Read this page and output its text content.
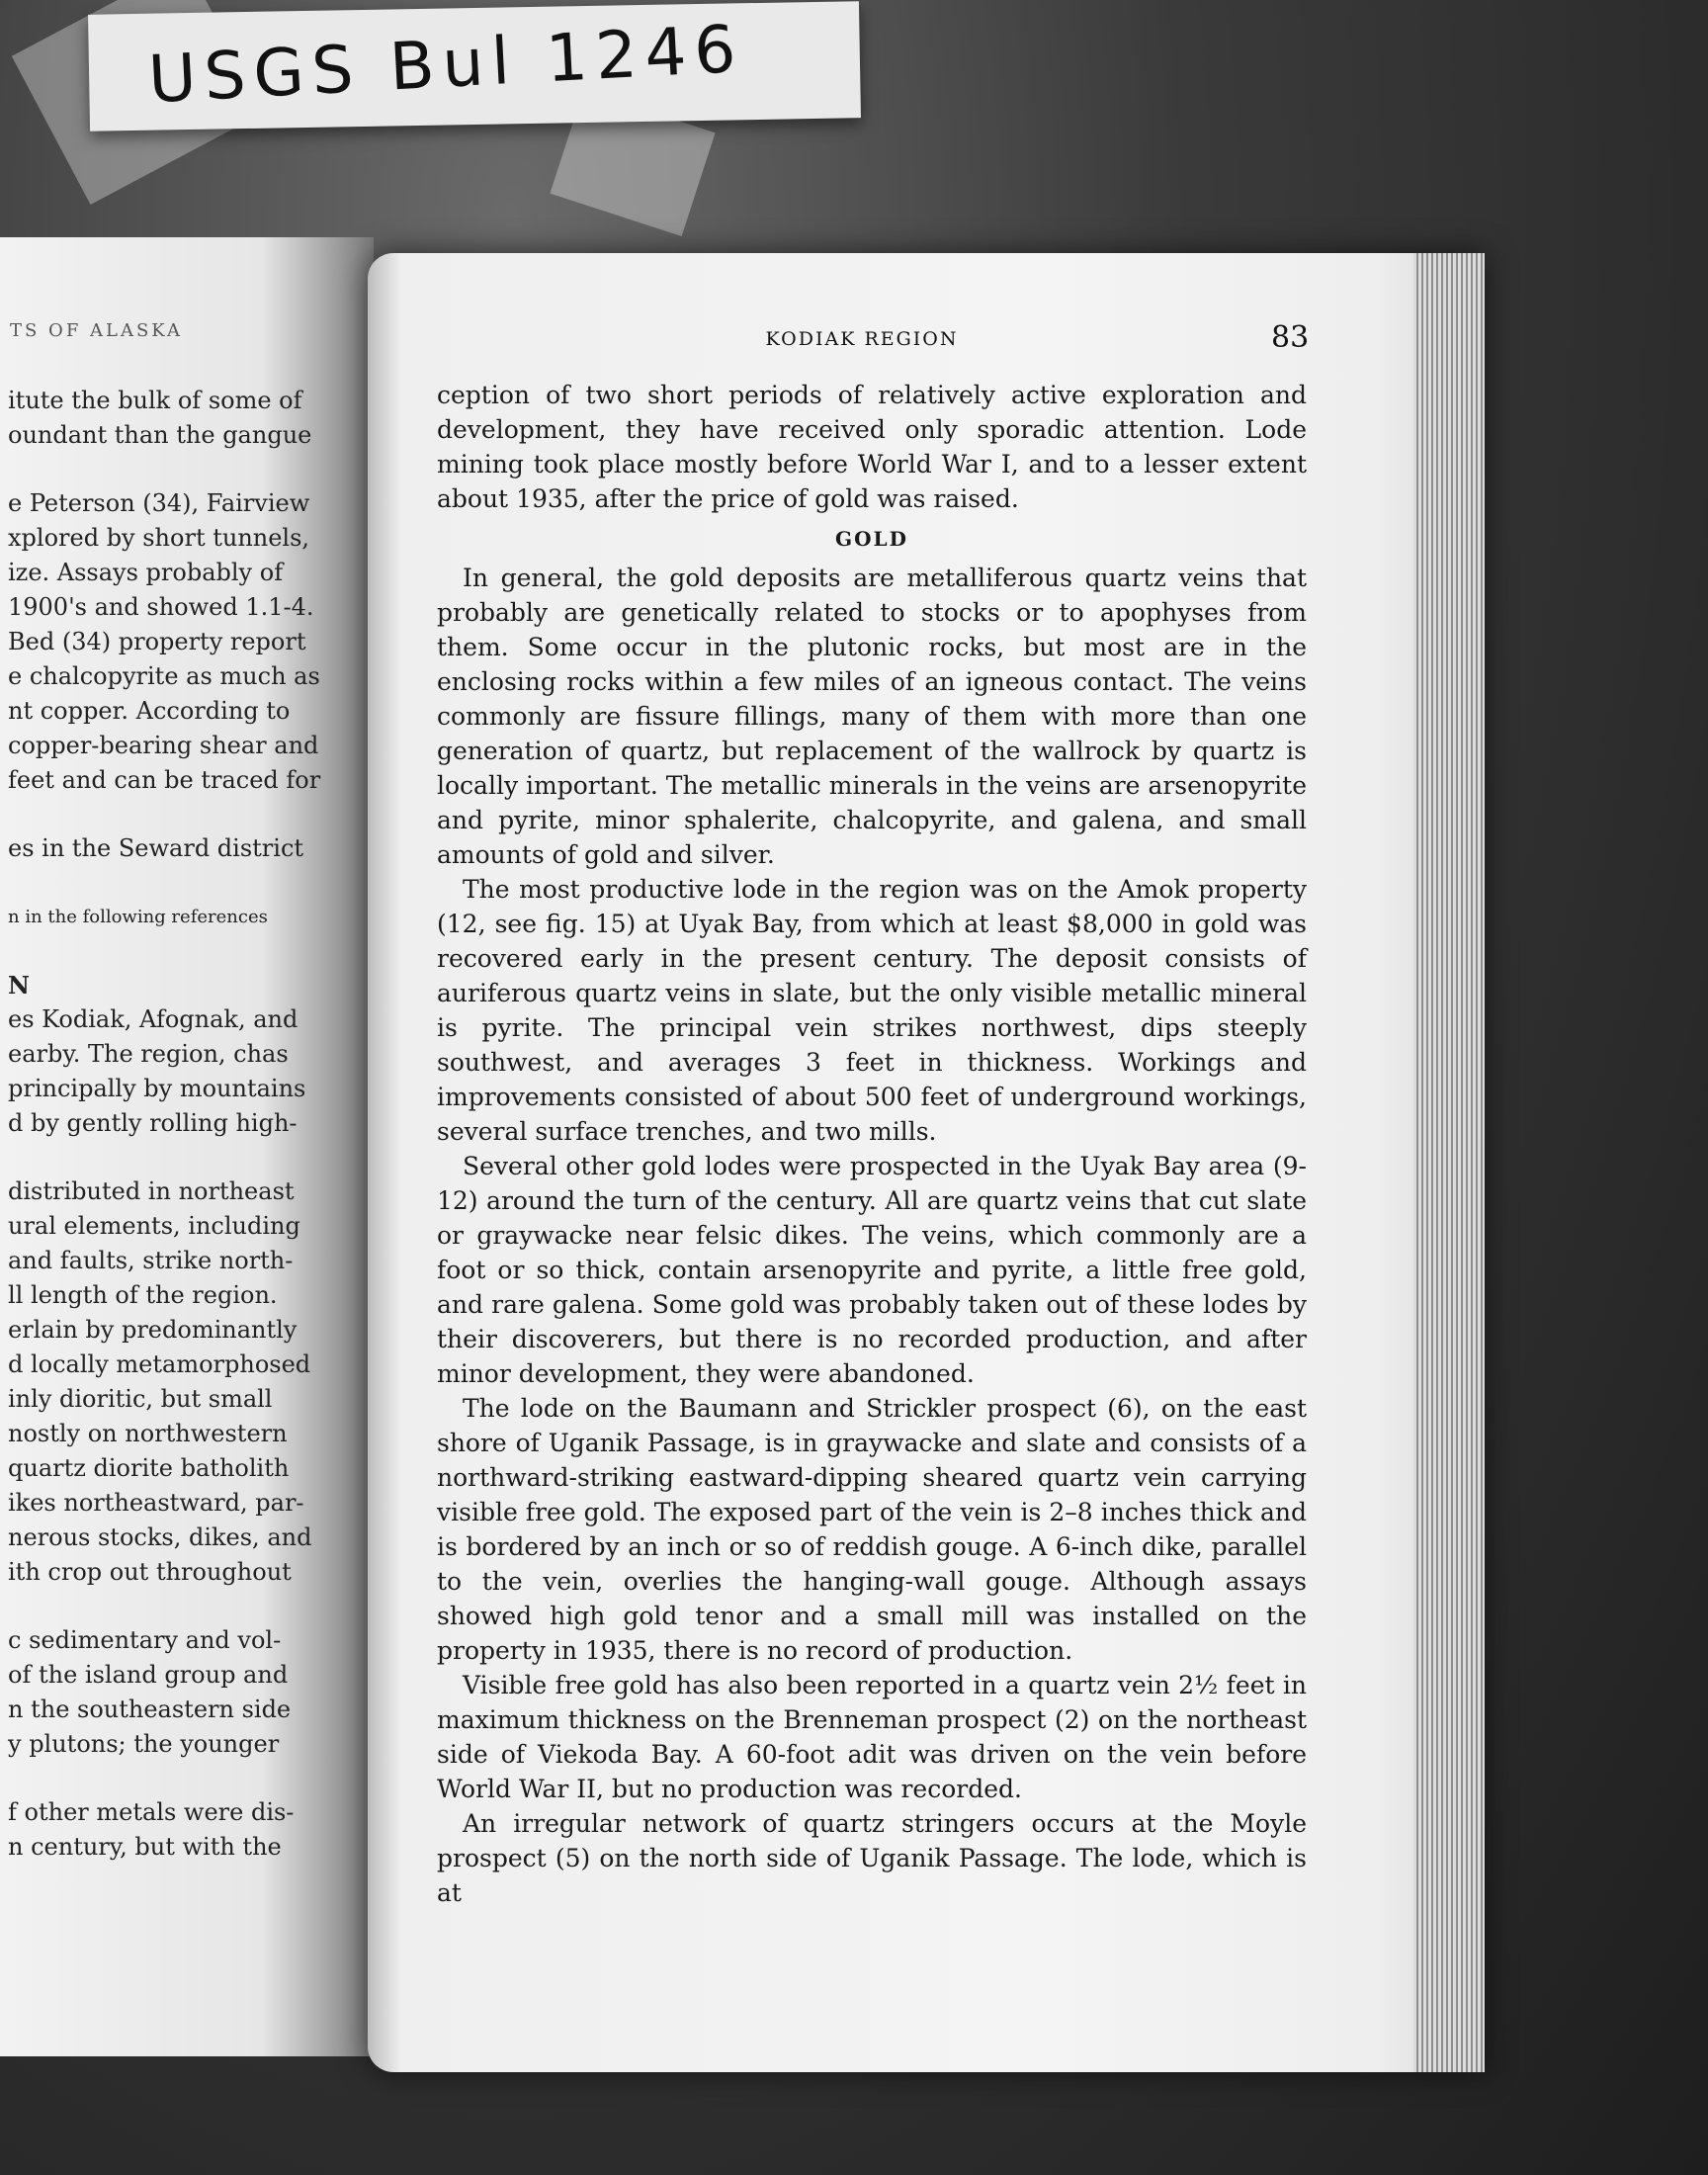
USGS Bul 1246
TS OF ALASKA
itute the bulk of some of
oundant than the gangue
e Peterson (34), Fairview
xplored by short tunnels,
ize. Assays probably of
1900's and showed 1.1-4.
Bed (34) property report
e chalcopyrite as much as
nt copper. According to
copper-bearing shear and
feet and can be traced for
es in the Seward district
n in the following references
N
es Kodiak, Afognak, and
earby. The region, chas
principally by mountains
d by gently rolling high-
distributed in northeast
ural elements, including
and faults, strike north-
ll length of the region.
erlain by predominantly
d locally metamorphosed
inly dioritic, but small
nostly on northwestern
quartz diorite batholith
ikes northeastward, par-
nerous stocks, dikes, and
ith crop out throughout
c sedimentary and vol-
of the island group and
n the southeastern side
y plutons; the younger
f other metals were dis-
n century, but with the
KODIAK REGION	83

ception of two short periods of relatively active exploration and development, they have received only sporadic attention. Lode mining took place mostly before World War I, and to a lesser extent about 1935, after the price of gold was raised.

GOLD

In general, the gold deposits are metalliferous quartz veins that probably are genetically related to stocks or to apophyses from them. Some occur in the plutonic rocks, but most are in the enclosing rocks within a few miles of an igneous contact. The veins commonly are fissure fillings, many of them with more than one generation of quartz, but replacement of the wallrock by quartz is locally important. The metallic minerals in the veins are arsenopyrite and pyrite, minor sphalerite, chalcopyrite, and galena, and small amounts of gold and silver.

The most productive lode in the region was on the Amok property (12, see fig. 15) at Uyak Bay, from which at least $8,000 in gold was recovered early in the present century. The deposit consists of auriferous quartz veins in slate, but the only visible metallic mineral is pyrite. The principal vein strikes northwest, dips steeply southwest, and averages 3 feet in thickness. Workings and improvements consisted of about 500 feet of underground workings, several surface trenches, and two mills.

Several other gold lodes were prospected in the Uyak Bay area (9-12) around the turn of the century. All are quartz veins that cut slate or graywacke near felsic dikes. The veins, which commonly are a foot or so thick, contain arsenopyrite and pyrite, a little free gold, and rare galena. Some gold was probably taken out of these lodes by their discoverers, but there is no recorded production, and after minor development, they were abandoned.

The lode on the Baumann and Strickler prospect (6), on the east shore of Uganik Passage, is in graywacke and slate and consists of a northward-striking eastward-dipping sheared quartz vein carrying visible free gold. The exposed part of the vein is 2–8 inches thick and is bordered by an inch or so of reddish gouge. A 6-inch dike, parallel to the vein, overlies the hanging-wall gouge. Although assays showed high gold tenor and a small mill was installed on the property in 1935, there is no record of production.

Visible free gold has also been reported in a quartz vein 2½ feet in maximum thickness on the Brenneman prospect (2) on the northeast side of Viekoda Bay. A 60-foot adit was driven on the vein before World War II, but no production was recorded.

An irregular network of quartz stringers occurs at the Moyle prospect (5) on the north side of Uganik Passage. The lode, which is at
